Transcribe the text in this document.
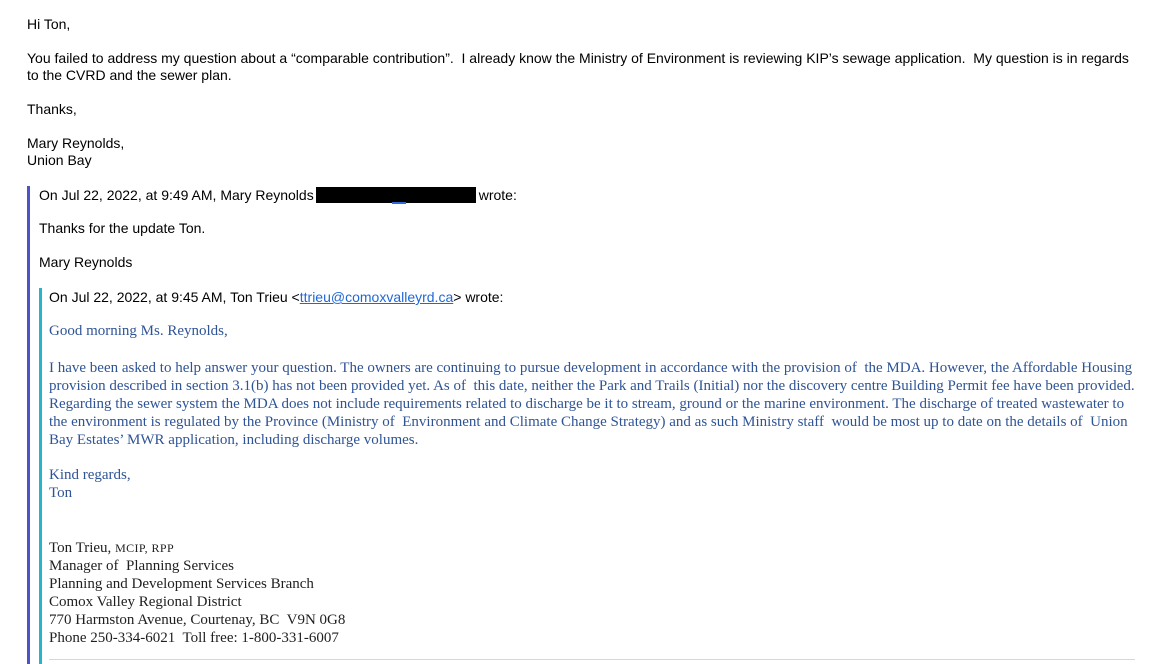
Hi Ton,

You failed to address my question about a “comparable contribution”.  I already know the Ministry of Environment is reviewing KIP’s sewage application.  My question is in regards to the CVRD and the sewer plan.

Thanks,

Mary Reynolds,
Union Bay

On Jul 22, 2022, at 9:49 AM, Mary Reynolds	wrote:

Thanks for the update Ton.

Mary Reynolds

On Jul 22, 2022, at 9:45 AM, Ton Trieu <ttrieu@comoxvalleyrd.ca> wrote:

Good morning Ms. Reynolds,

I have been asked to help answer your question. The owners are continuing to pursue development in accordance with the provision of  the MDA. However, the Affordable Housing provision described in section 3.1(b) has not been provided yet. As of  this date, neither the Park and Trails (Initial) nor the discovery centre Building Permit fee have been provided. Regarding the sewer system the MDA does not include requirements related to discharge be it to stream, ground or the marine environment. The discharge of treated wastewater to the environment is regulated by the Province (Ministry of  Environment and Climate Change Strategy) and as such Ministry staff  would be most up to date on the details of  Union Bay Estates’ MWR application, including discharge volumes.

Kind regards,
Ton

Ton Trieu, MCIP, RPP

Manager of  Planning Services

Planning and Development Services Branch

Comox Valley Regional District

770 Harmston Avenue, Courtenay, BC  V9N 0G8

Phone 250-334-6021  Toll free: 1-800-331-6007
